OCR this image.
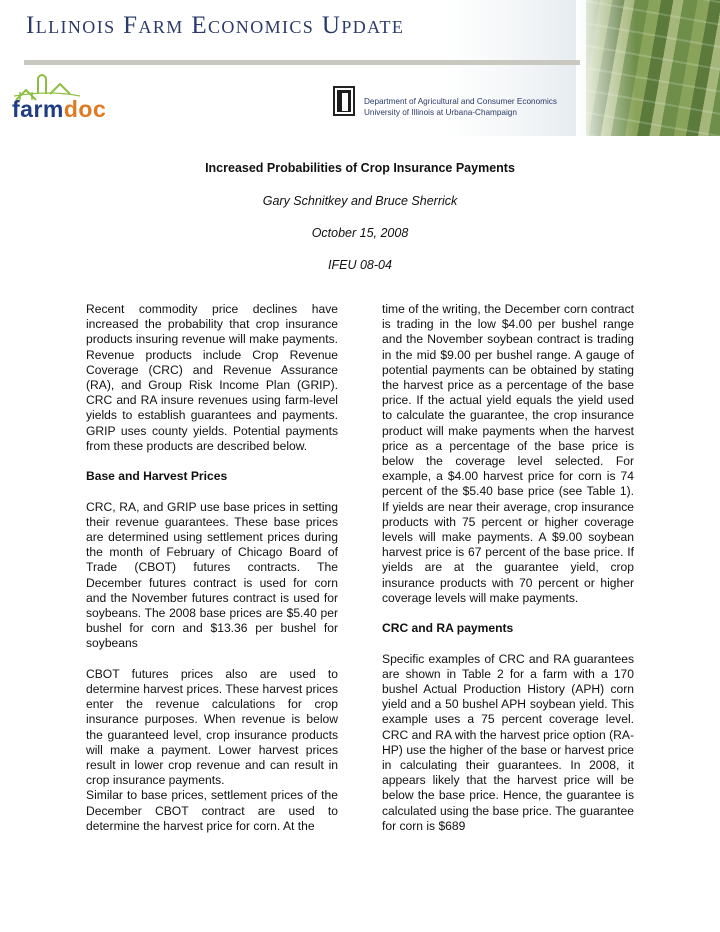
Illinois Farm Economics Update
farmdoc	Department of Agricultural and Consumer Economics
University of Illinois at Urbana-Champaign
Increased Probabilities of Crop Insurance Payments
Gary Schnitkey and Bruce Sherrick
October 15, 2008
IFEU 08-04

Recent commodity price declines have increased the probability that crop insurance products insuring revenue will make payments. Revenue products include Crop Revenue Coverage (CRC) and Revenue Assurance (RA), and Group Risk Income Plan (GRIP). CRC and RA insure revenues using farm-level yields to establish guarantees and payments. GRIP uses county yields. Potential payments from these products are described below.

Base and Harvest Prices

CRC, RA, and GRIP use base prices in setting their revenue guarantees. These base prices are determined using settlement prices during the month of February of Chicago Board of Trade (CBOT) futures contracts. The December futures contract is used for corn and the November futures contract is used for soybeans. The 2008 base prices are $5.40 per bushel for corn and $13.36 per bushel for soybeans

CBOT futures prices also are used to determine harvest prices. These harvest prices enter the revenue calculations for crop insurance purposes. When revenue is below the guaranteed level, crop insurance products will make a payment. Lower harvest prices result in lower crop revenue and can result in crop insurance payments.

Similar to base prices, settlement prices of the December CBOT contract are used to determine the harvest price for corn. At the

time of the writing, the December corn contract is trading in the low $4.00 per bushel range and the November soybean contract is trading in the mid $9.00 per bushel range. A gauge of potential payments can be obtained by stating the harvest price as a percentage of the base price. If the actual yield equals the yield used to calculate the guarantee, the crop insurance product will make payments when the harvest price as a percentage of the base price is below the coverage level selected. For example, a $4.00 harvest price for corn is 74 percent of the $5.40 base price (see Table 1). If yields are near their average, crop insurance products with 75 percent or higher coverage levels will make payments. A $9.00 soybean harvest price is 67 percent of the base price. If yields are at the guarantee yield, crop insurance products with 70 percent or higher coverage levels will make payments.

CRC and RA payments

Specific examples of CRC and RA guarantees are shown in Table 2 for a farm with a 170 bushel Actual Production History (APH) corn yield and a 50 bushel APH soybean yield. This example uses a 75 percent coverage level. CRC and RA with the harvest price option (RA-HP) use the higher of the base or harvest price in calculating their guarantees. In 2008, it appears likely that the harvest price will be below the base price. Hence, the guarantee is calculated using the base price. The guarantee for corn is $689
